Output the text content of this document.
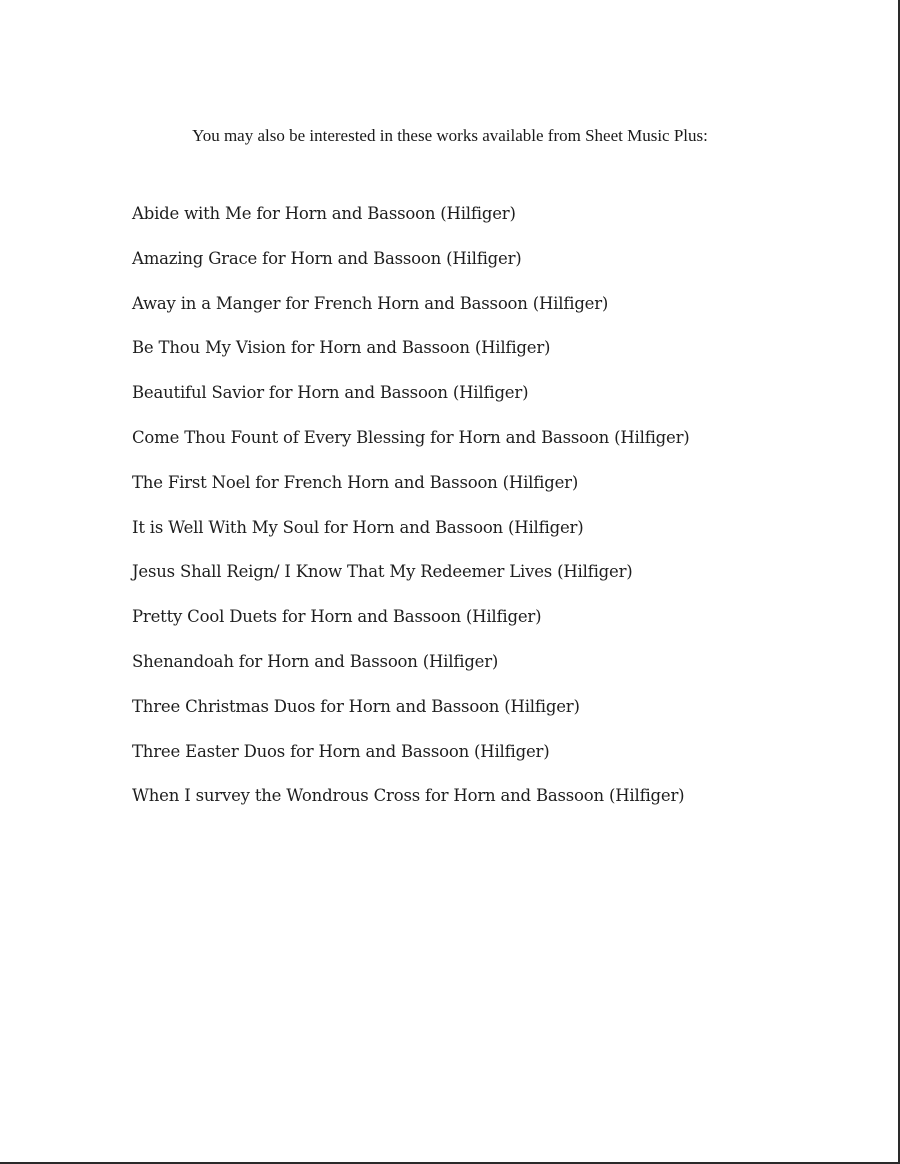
You may also be interested in these works available from Sheet Music Plus:
Abide with Me for Horn and Bassoon (Hilfiger)
Amazing Grace for Horn and Bassoon (Hilfiger)
Away in a Manger for French Horn and Bassoon (Hilfiger)
Be Thou My Vision for Horn and Bassoon (Hilfiger)
Beautiful Savior for Horn and Bassoon (Hilfiger)
Come Thou Fount of Every Blessing for Horn and Bassoon (Hilfiger)
The First Noel for French Horn and Bassoon (Hilfiger)
It is Well With My Soul for Horn and Bassoon (Hilfiger)
Jesus Shall Reign/ I Know That My Redeemer Lives (Hilfiger)
Pretty Cool Duets for Horn and Bassoon (Hilfiger)
Shenandoah for Horn and Bassoon (Hilfiger)
Three Christmas Duos for Horn and Bassoon (Hilfiger)
Three Easter Duos for Horn and Bassoon (Hilfiger)
When I survey the Wondrous Cross for Horn and Bassoon (Hilfiger)
